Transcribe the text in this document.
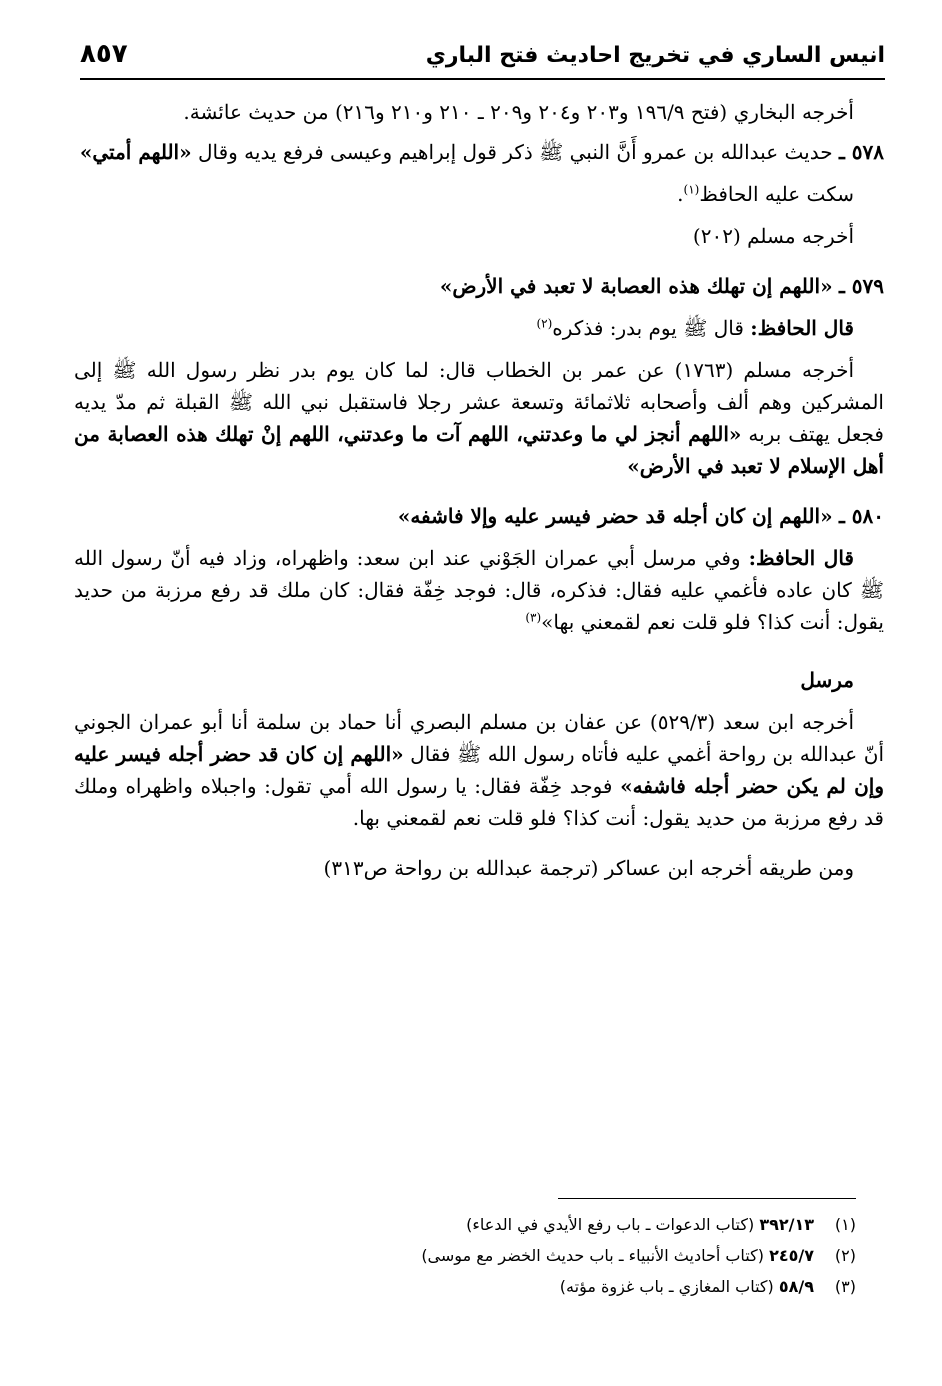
انيس الساري في تخريج احاديث فتح الباري
٨٥٧

أخرجه البخاري (فتح ١٩٦/٩ و٢٠٣ و٢٠٤ و٢٠٩ ـ ٢١٠ و٢١٠ و٢١٦) من حديث عائشة.

٥٧٨ ـ حديث عبدالله بن عمرو أَنَّ النبي ﷺ ذكر قول إبراهيم وعيسى فرفع يديه وقال «اللهم أمتي»

سكت عليه الحافظ$^{(١)}$.

أخرجه مسلم (٢٠٢)

٥٧٩ ـ «اللهم إن تهلك هذه العصابة لا تعبد في الأرض»

قال الحافظ: قال ﷺ يوم بدر: فذكره$^{(٢)}$

أخرجه مسلم (١٧٦٣) عن عمر بن الخطاب قال: لما كان يوم بدر نظر رسول الله ﷺ إلى المشركين وهم ألف وأصحابه ثلاثمائة وتسعة عشر رجلا فاستقبل نبي الله ﷺ القبلة ثم مدّ يديه فجعل يهتف بربه «اللهم أنجز لي ما وعدتني، اللهم آت ما وعدتني، اللهم إنْ تهلك هذه العصابة من أهل الإسلام لا تعبد في الأرض»

٥٨٠ ـ «اللهم إن كان أجله قد حضر فيسر عليه وإلا فاشفه»

قال الحافظ: وفي مرسل أبي عمران الجَوْني عند ابن سعد: واظهراه، وزاد فيه أنّ رسول الله ﷺ كان عاده فأغمي عليه فقال: فذكره، قال: فوجد خِفّة فقال: كان ملك قد رفع مرزبة من حديد يقول: أنت كذا؟ فلو قلت نعم لقمعني بها»$^{(٣)}$

مرسل

أخرجه ابن سعد (٥٢٩/٣) عن عفان بن مسلم البصري أنا حماد بن سلمة أنا أبو عمران الجوني أنّ عبدالله بن رواحة أغمي عليه فأتاه رسول الله ﷺ فقال «اللهم إن كان قد حضر أجله فيسر عليه وإن لم يكن حضر أجله فاشفه» فوجد خِفّة فقال: يا رسول الله أمي تقول: واجبلاه واظهراه وملك قد رفع مرزبة من حديد يقول: أنت كذا؟ فلو قلت نعم لقمعني بها.

ومن طريقه أخرجه ابن عساكر (ترجمة عبدالله بن رواحة ص٣١٣)

(١)٣٩٢/١٣ (كتاب الدعوات ـ باب رفع الأيدي في الدعاء)

(٢)٢٤٥/٧ (كتاب أحاديث الأنبياء ـ باب حديث الخضر مع موسى)

(٣)٥٨/٩ (كتاب المغازي ـ باب غزوة مؤته)
